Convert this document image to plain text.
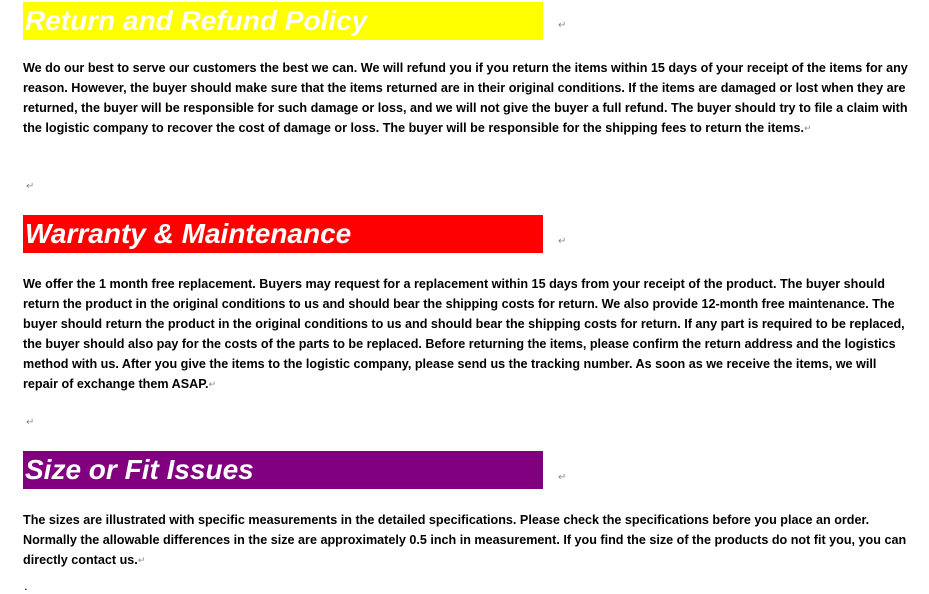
Return and Refund Policy	↵

We do our best to serve our customers the best we can. We will refund you if you return the items within 15 days of your receipt of the items for any reason. However, the buyer should make sure that the items returned are in their original conditions. If the items are damaged or lost when they are returned, the buyer will be responsible for such damage or loss, and we will not give the buyer a full refund. The buyer should try to file a claim with the logistic company to recover the cost of damage or loss. The buyer will be responsible for the shipping fees to return the items.↵

↵
Warranty & Maintenance	↵

We offer the 1 month free replacement. Buyers may request for a replacement within 15 days from your receipt of the product. The buyer should return the product in the original conditions to us and should bear the shipping costs for return. We also provide 12-month free maintenance. The buyer should return the product in the original conditions to us and should bear the shipping costs for return. If any part is required to be replaced, the buyer should also pay for the costs of the parts to be replaced. Before returning the items, please confirm the return address and the logistics method with us. After you give the items to the logistic company, please send us the tracking number. As soon as we receive the items, we will repair of exchange them ASAP.↵

↵
Size or Fit Issues	↵

The sizes are illustrated with specific measurements in the detailed specifications. Please check the specifications before you place an order. Normally the allowable differences in the size are approximately 0.5 inch in measurement. If you find the size of the products do not fit you, you can directly contact us.↵

.
